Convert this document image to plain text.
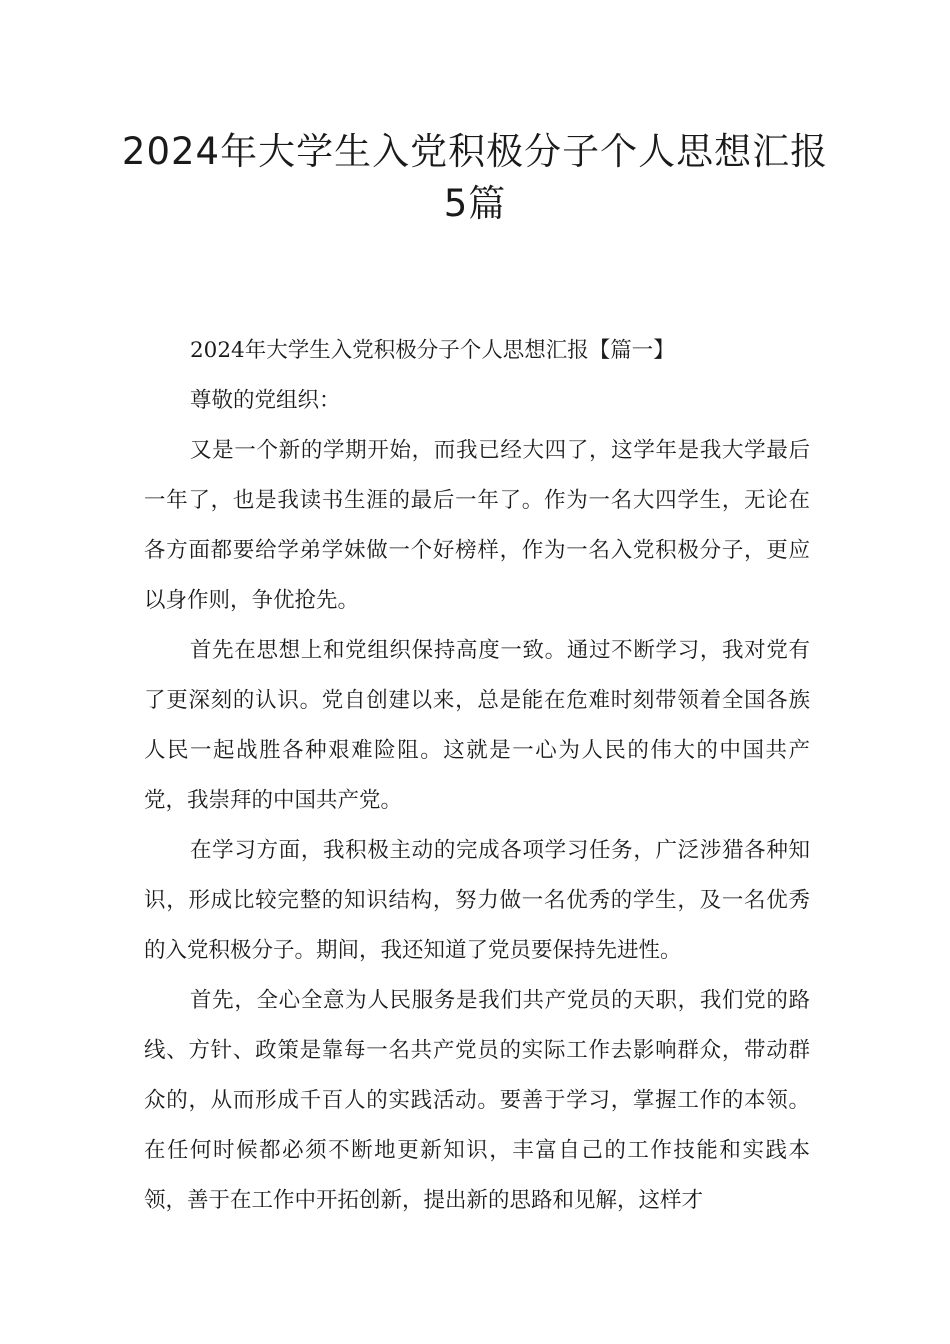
2024年大学生入党积极分子个人思想汇报5篇

2024年大学生入党积极分子个人思想汇报【篇一】

尊敬的党组织：

又是一个新的学期开始，而我已经大四了，这学年是我大学最后一年了，也是我读书生涯的最后一年了。作为一名大四学生，无论在各方面都要给学弟学妹做一个好榜样，作为一名入党积极分子，更应以身作则，争优抢先。

首先在思想上和党组织保持高度一致。通过不断学习，我对党有了更深刻的认识。党自创建以来，总是能在危难时刻带领着全国各族人民一起战胜各种艰难险阻。这就是一心为人民的伟大的中国共产党，我崇拜的中国共产党。

在学习方面，我积极主动的完成各项学习任务，广泛涉猎各种知识，形成比较完整的知识结构，努力做一名优秀的学生，及一名优秀的入党积极分子。期间，我还知道了党员要保持先进性。

首先，全心全意为人民服务是我们共产党员的天职，我们党的路线、方针、政策是靠每一名共产党员的实际工作去影响群众，带动群众的，从而形成千百人的实践活动。要善于学习，掌握工作的本领。在任何时候都必须不断地更新知识，丰富自己的工作技能和实践本领，善于在工作中开拓创新，提出新的思路和见解，这样才
